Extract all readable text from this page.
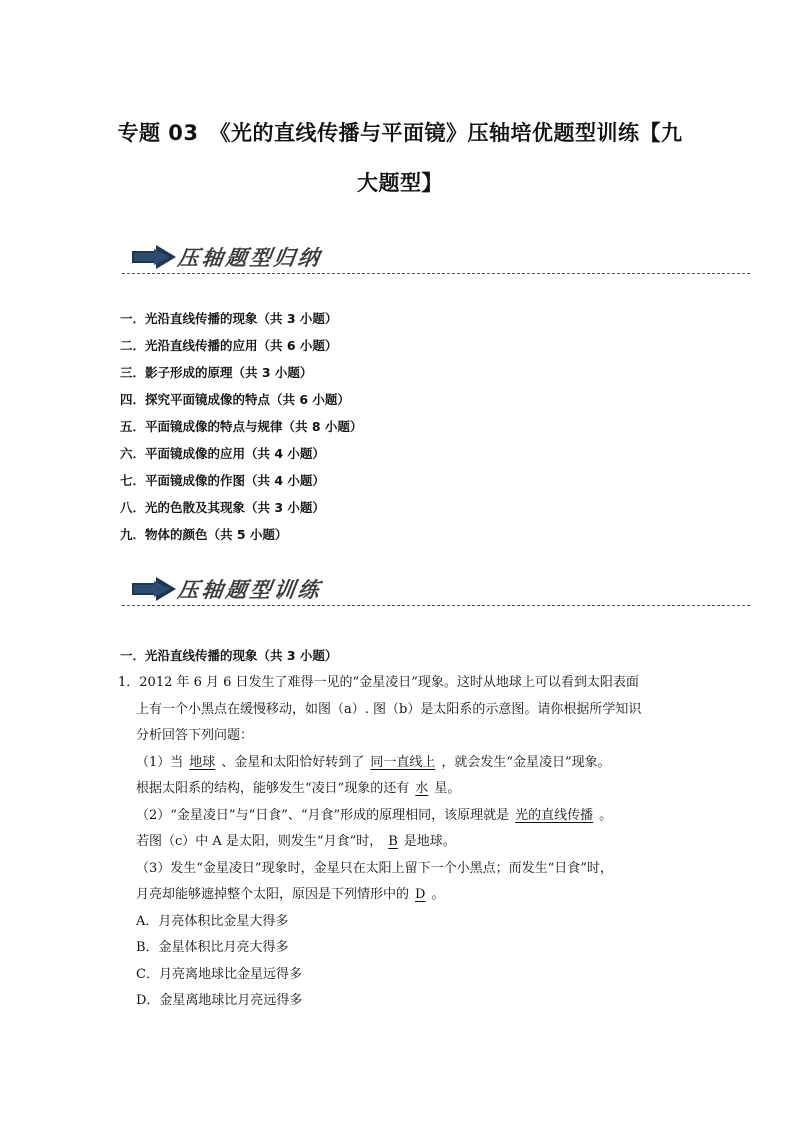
专题 03　《光的直线传播与平面镜》压轴培优题型训练【九
大题型】
压轴题型归纳
一．光沿直线传播的现象（共 3 小题）
二．光沿直线传播的应用（共 6 小题）
三．影子形成的原理（共 3 小题）
四．探究平面镜成像的特点（共 6 小题）
五．平面镜成像的特点与规律（共 8 小题）
六．平面镜成像的应用（共 4 小题）
七．平面镜成像的作图（共 4 小题）
八．光的色散及其现象（共 3 小题）
九．物体的颜色（共 5 小题）
压轴题型训练
一．光沿直线传播的现象（共 3 小题）

1．2012 年 6 月 6 日发生了难得一见的“金星凌日”现象。这时从地球上可以看到太阳表面

上有一个小黑点在缓慢移动，如图（a）. 图（b）是太阳系的示意图。请你根据所学知识

分析回答下列问题：

（1）当 地球 、金星和太阳恰好转到了 同一直线上 ，就会发生“金星凌日”现象。

根据太阳系的结构，能够发生“凌日”现象的还有 水 星。

（2）“金星凌日”与“日食”、“月食”形成的原理相同，该原理就是 光的直线传播 。

若图（c）中 A 是太阳，则发生“月食”时， B 是地球。

（3）发生“金星凌日”现象时，金星只在太阳上留下一个小黑点；而发生“日食”时，

月亮却能够遮掉整个太阳，原因是下列情形中的 D 。

A．月亮体积比金星大得多

B．金星体积比月亮大得多

C．月亮离地球比金星远得多

D．金星离地球比月亮远得多
